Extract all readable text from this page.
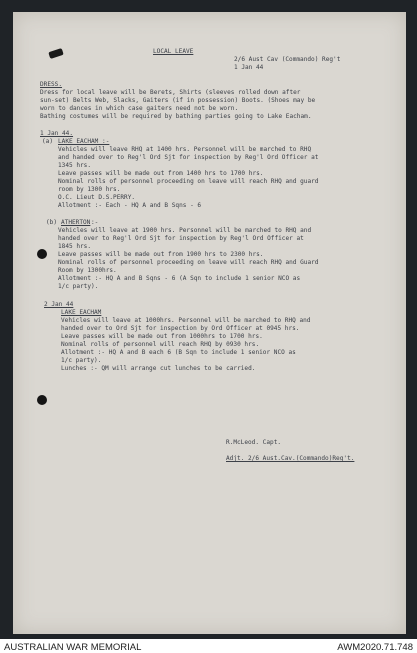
LOCAL LEAVE
2/6 Aust Cav (Commando) Reg't
1 Jan 44
DRESS.
Dress for local leave will be Berets, Shirts (sleeves rolled down after
sun-set) Belts Web, Slacks, Gaiters (if in possession) Boots. (Shoes may be
worn to dances in which case gaiters need not be worn.
Bathing costumes will be required by bathing parties going to Lake Eacham.
1 Jan 44.
(a) LAKE EACHAM :-
Vehicles will leave RHQ at 1400 hrs. Personnel will be marched to RHQ
and handed over to Reg'l Ord Sjt for inspection by Reg'l Ord Officer at
1345 hrs.
Leave passes will be made out from 1400 hrs to 1700 hrs.
Nominal rolls of personnel proceeding on leave will reach RHQ and guard
room by 1300 hrs.
O.C. Lieut D.S.PERRY.
Allotment :- Each - HQ A and B Sqns - 6
(b) ATHERTON :-
Vehicles will leave at 1900 hrs. Personnel will be marched to RHQ and
handed over to Reg'l Ord Sjt for inspection by Reg'l Ord Officer at
1845 hrs.
Leave passes will be made out from 1900 hrs to 2300 hrs.
Nominal rolls of personnel proceeding on leave will reach RHQ and Guard
Room by 1300hrs.
Allotment :- HQ A and B Sqns - 6 (A Sqn to include 1 senior NCO as
1/c party).
2 Jan 44
LAKE EACHAM
Vehicles will leave at 1000hrs. Personnel will be marched to RHQ and
handed over to Ord Sjt for inspection by Ord Officer at 0945 hrs.
Leave passes will be made out from 1000hrs to 1700 hrs.
Nominal rolls of personnel will reach RHQ by 0930 hrs.
Allotment :- HQ A and B each 6 (B Sqn to include 1 senior NCO as
1/c party).
Lunches :- QM will arrange cut lunches to be carried.
R.McLeod. Capt.
Adjt. 2/6 Aust.Cav.(Commando)Reg't.
AUSTRALIAN WAR MEMORIAL	AWM2020.71.748
